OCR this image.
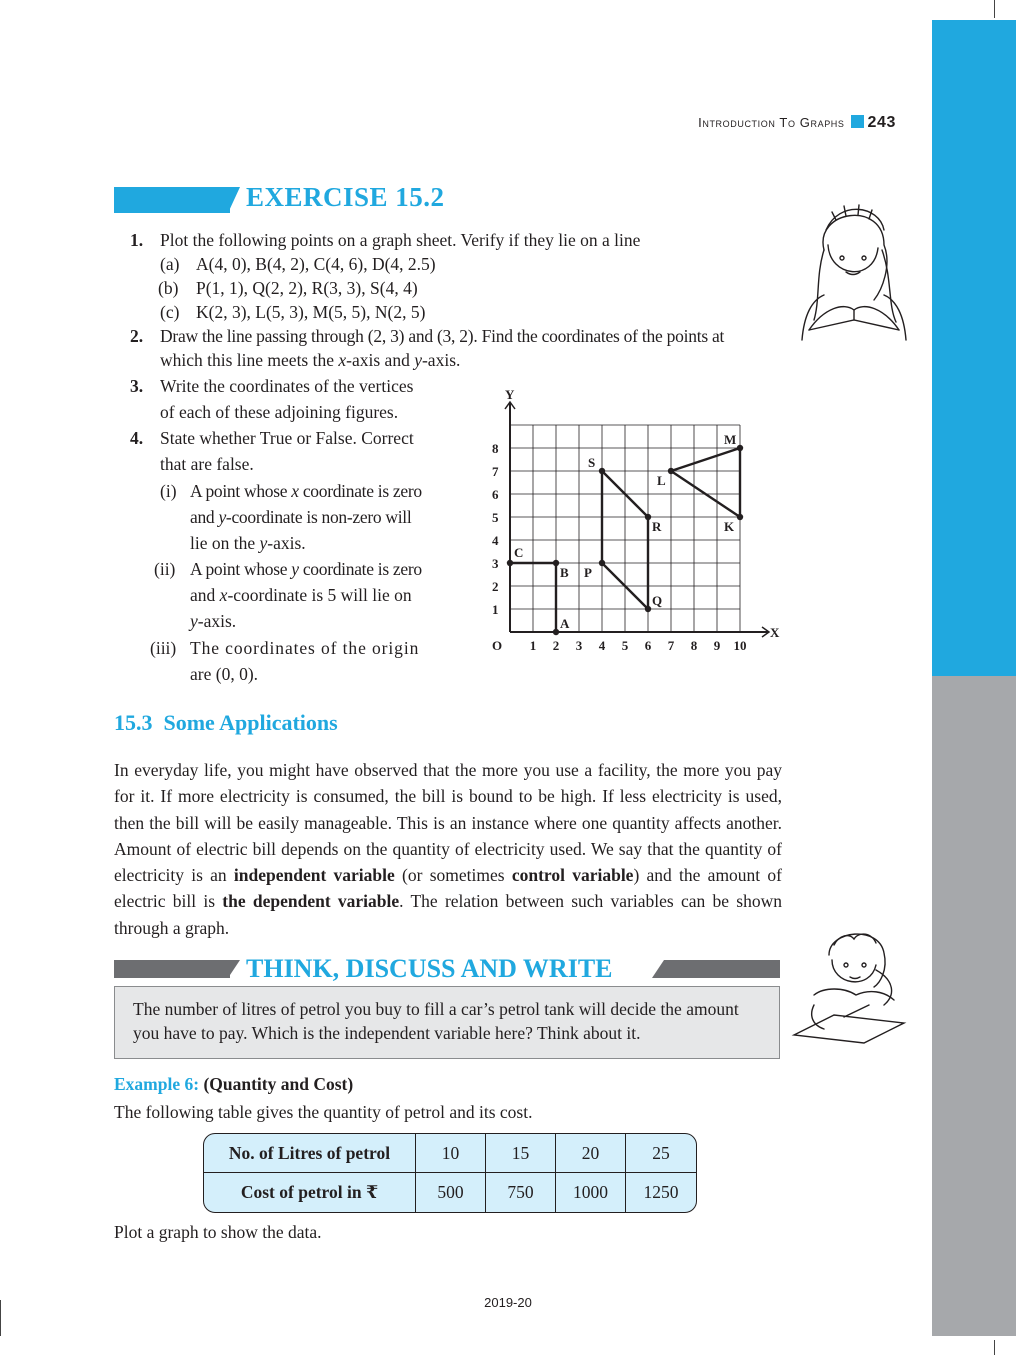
Introduction To Graphs 243
EXERCISE 15.2
1. Plot the following points on a graph sheet. Verify if they lie on a line
(a) A(4, 0), B(4, 2), C(4, 6), D(4, 2.5)
(b) P(1, 1), Q(2, 2), R(3, 3), S(4, 4)
(c) K(2, 3), L(5, 3), M(5, 5), N(2, 5)
2. Draw the line passing through (2, 3) and (3, 2). Find the coordinates of the points at
which this line meets the x-axis and y-axis.
3. Write the coordinates of the vertices
of each of these adjoining figures.
4. State whether True or False. Correct
that are false.
(i) A point whose x coordinate is zero
and y-coordinate is non-zero will
lie on the y-axis.
(ii) A point whose y coordinate is zero
and x-coordinate is 5 will lie on
y-axis.
(iii) The coordinates of the origin
are (0, 0).
X
Y
O 1 2 3 4 5 6 7 8 9 10
1
2
3
4
5
6
7
8
A
B
C
P
Q
R
S
L
M
K
15.3  Some Applications
In everyday life, you might have observed that the more you use a facility, the more you pay for it. If more electricity is consumed, the bill is bound to be high. If less electricity is used, then the bill will be easily manageable. This is an instance where one quantity affects another. Amount of electric bill depends on the quantity of electricity used. We say that the quantity of electricity is an independent variable (or sometimes control variable) and the amount of electric bill is the dependent variable. The relation between such variables can be shown through a graph.
THINK, DISCUSS AND WRITE
The number of litres of petrol you buy to fill a car’s petrol tank will decide the amount you have to pay. Which is the independent variable here? Think about it.
Example 6: (Quantity and Cost)
The following table gives the quantity of petrol and its cost.
No. of Litres of petrol	10	15	20	25
Cost of petrol in ₹	500	750	1000	1250
Plot a graph to show the data.
2019-20
